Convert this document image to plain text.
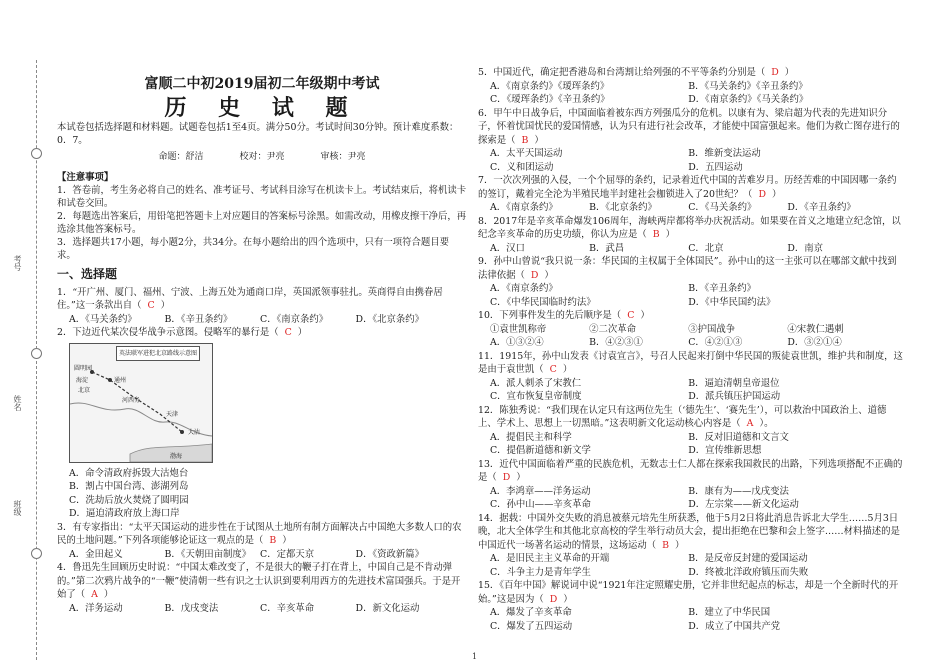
考号
姓名
班级
富顺二中初2019届初二年级期中考试
历 史 试 题
本试卷包括选择题和材料题。试题卷包括1至4页。满分50分。考试时间30分钟。预计难度系数：0．7。
命题：舒洁	校对：尹亮	审核：尹亮
【注意事项】
1．答卷前，考生务必将自己的姓名、准考证号、考试科目涂写在机读卡上。考试结束后，将机读卡和试卷交回。
2．每题选出答案后，用铅笔把答题卡上对应题目的答案标号涂黑。如需改动，用橡皮擦干净后，再选涂其他答案标号。
3．选择题共17小题，每小题2分，共34分。在每小题给出的四个选项中，只有一项符合题目要求。
一、选择题
1．“开广州、厦门、福州、宁波、上海五处为通商口岸，英国派领事驻扎。英商得自由携眷居住。”这一条款出自（ C ）
A．《马关条约》	B．《辛丑条约》	C．《南京条约》	D．《北京条约》
2．下边近代某次侵华战争示意图。侵略军的暴行是（ C ）
英法联军进犯北京路线示意图
圆明园
北京
海淀	通州
大沽
天津
渤海
河西务
A．命令清政府拆毁大沽炮台
B．割占中国台湾、澎湖列岛
C．洗劫后放火焚烧了圆明园
D．逼迫清政府放上海口岸
3．有专家指出：“太平天国运动的进步性在于试图从土地所有制方面解决占中国绝大多数人口的农民的土地问题。”下列各项能够论证这一观点的是（ B ）
A．金田起义	B．《天朝田亩制度》 C．定都天京	D．《资政新篇》
4．鲁迅先生回顾历史时说：“中国太难改变了，不是很大的鞭子打在背上，中国自己是不肯动弹的。”第二次鸦片战争的“一鞭”使清朝一些有识之士认识到要利用西方的先进技术富国强兵。于是开始了（ A ）
A．洋务运动	B．戊戌变法	C．辛亥革命	D．新文化运动
5．中国近代，确定把香港岛和台湾割让给列强的不平等条约分别是（ D ）
A．《南京条约》《瑷珲条约》	B．《马关条约》《辛丑条约》
C．《瑷珲条约》《辛丑条约》	D．《南京条约》《马关条约》
6．甲午中日战争后，中国面临着被东西方列强瓜分的危机。以康有为、梁启超为代表的先进知识分子，怀着忧国忧民的爱国情感，认为只有进行社会改革，才能使中国富强起来。他们为救亡图存进行的探索是（ B ）
A．太平天国运动	B．维新变法运动
C．义和团运动	D．五四运动
7．一次次列强的入侵，一个个屈辱的条约，记录着近代中国的苦难岁月。历经苦难的中国因哪一条约的签订，戴着完全沦为半殖民地半封建社会枷锁进入了20世纪？（ D ）
A．《南京条约》	B．《北京条约》	C．《马关条约》	D．《辛丑条约》
8．2017年是辛亥革命爆发106周年，海峡两岸都将举办庆祝活动。如果要在首义之地建立纪念馆，以纪念辛亥革命的历史功绩，你认为应是（ B ）
A．汉口	B．武昌	C．北京	D．南京
9．孙中山曾说“我只说一条：华民国的主权属于全体国民”。孙中山的这一主张可以在哪部文献中找到法律依据（ D ）
A．《南京条约》	B．《辛丑条约》
C．《中华民国临时约法》	D．《中华民国约法》
10．下列事件发生的先后顺序是（ C ）
①袁世凯称帝	②二次革命	③护国战争	④宋教仁遇刺
A．①③②④	B．④②③①	C．④②①③	D．③②①④
11．1915年，孙中山发表《讨袁宣言》，号召人民起来打倒中华民国的叛徒袁世凯，维护共和制度，这是由于袁世凯（ C ）
A．派人刺杀了宋教仁	B．逼迫清朝皇帝退位
C．宣布恢复皇帝制度	D．派兵镇压护国运动
12．陈独秀说：“我们现在认定只有这两位先生（‘德先生’、‘赛先生’），可以救治中国政治上、道德上、学术上、思想上一切黑暗。”这表明新文化运动核心内容是（ A ）。
A．提倡民主和科学	B．反对旧道德和文言文
C．提倡新道德和新文学	D．宣传维新思想
13．近代中国面临着严重的民族危机，无数志士仁人都在探索我国救民的出路，下列选项搭配不正确的是（ D ）
A．李鸿章——洋务运动	B．康有为——戊戌变法
C．孙中山——辛亥革命	D．左宗棠——新文化运动
14．据载：中国外交失败的消息被蔡元培先生所获悉，他于5月2日将此消息告诉北大学生……5月3日晚，北大全体学生和其他北京高校的学生举行动员大会，提出拒绝在巴黎和会上签字……材料描述的是中国近代一场著名运动的情景，这场运动（ B ）
A．是旧民主主义革命的开端	B．是反帝反封建的爱国运动
C．斗争主力是青年学生	D．终被北洋政府镇压而失败
15．《百年中国》解说词中说“1921年注定照耀史册，它并非世纪起点的标志，却是一个全新时代的开始。”这是因为（ D ）
A．爆发了辛亥革命	B．建立了中华民国
C．爆发了五四运动	D．成立了中国共产党
1
